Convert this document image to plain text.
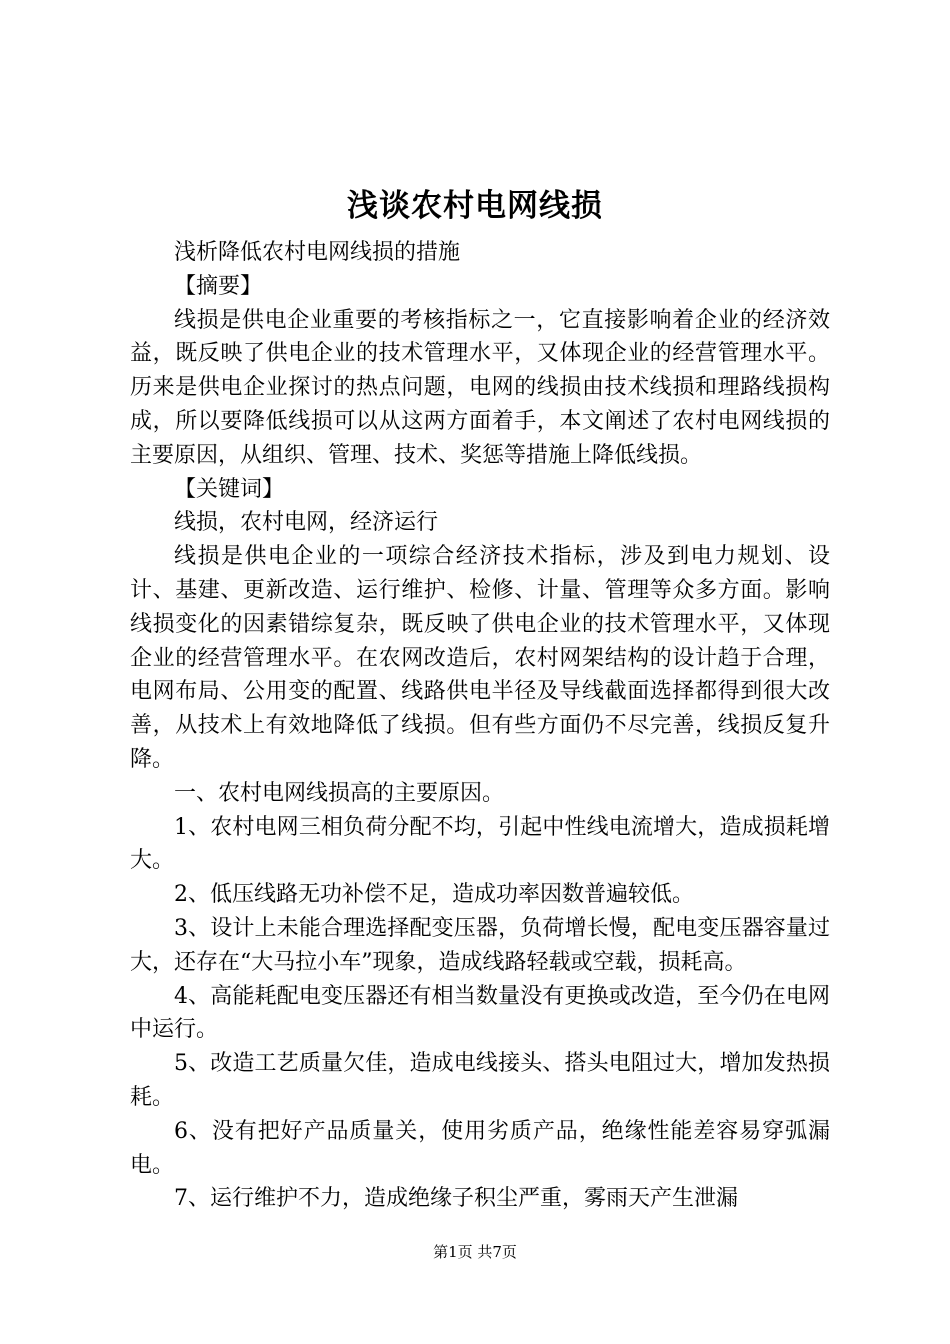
浅谈农村电网线损

浅析降低农村电网线损的措施

【摘要】

线损是供电企业重要的考核指标之一，它直接影响着企业的经济效益，既反映了供电企业的技术管理水平，又体现企业的经营管理水平。历来是供电企业探讨的热点问题，电网的线损由技术线损和理路线损构成，所以要降低线损可以从这两方面着手，本文阐述了农村电网线损的主要原因，从组织、管理、技术、奖惩等措施上降低线损。

【关键词】

线损，农村电网，经济运行

线损是供电企业的一项综合经济技术指标，涉及到电力规划、设计、基建、更新改造、运行维护、检修、计量、管理等众多方面。影响线损变化的因素错综复杂，既反映了供电企业的技术管理水平，又体现企业的经营管理水平。在农网改造后，农村网架结构的设计趋于合理，电网布局、公用变的配置、线路供电半径及导线截面选择都得到很大改善，从技术上有效地降低了线损。但有些方面仍不尽完善，线损反复升降。

一、农村电网线损高的主要原因。

1、农村电网三相负荷分配不均，引起中性线电流增大，造成损耗增大。

2、低压线路无功补偿不足，造成功率因数普遍较低。

3、设计上未能合理选择配变压器，负荷增长慢，配电变压器容量过大，还存在“大马拉小车”现象，造成线路轻载或空载，损耗高。

4、高能耗配电变压器还有相当数量没有更换或改造，至今仍在电网中运行。

5、改造工艺质量欠佳，造成电线接头、搭头电阻过大，增加发热损耗。

6、没有把好产品质量关，使用劣质产品，绝缘性能差容易穿弧漏电。

7、运行维护不力，造成绝缘子积尘严重，雾雨天产生泄漏

第1页 共7页
